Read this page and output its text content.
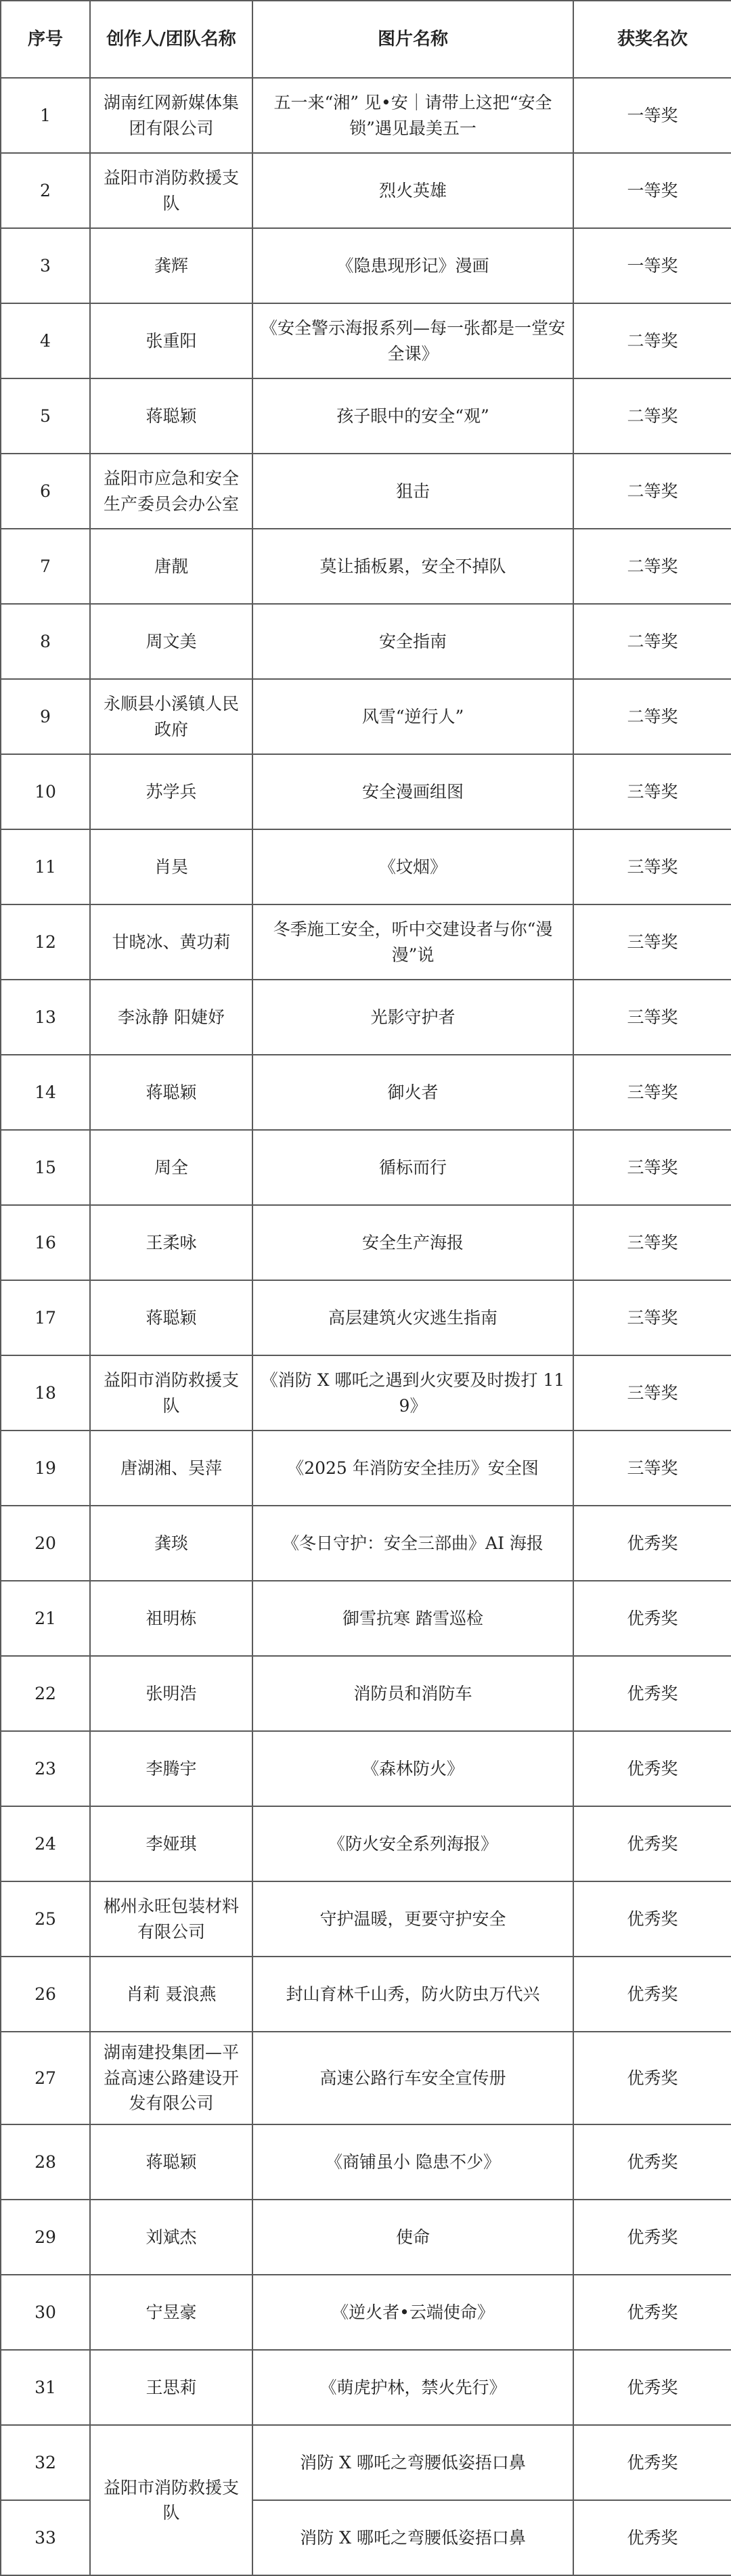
序号	创作人/团队名称	图片名称	获奖名次
1	湖南红网新媒体集团有限公司	五一来“湘” 见•安｜请带上这把“安全锁”遇见最美五一	一等奖
2	益阳市消防救援支队	烈火英雄	一等奖
3	龚辉	《隐患现形记》漫画	一等奖
4	张重阳	《安全警示海报系列—每一张都是一堂安全课》	二等奖
5	蒋聪颖	孩子眼中的安全“观”	二等奖
6	益阳市应急和安全生产委员会办公室	狙击	二等奖
7	唐靓	莫让插板累，安全不掉队	二等奖
8	周文美	安全指南	二等奖
9	永顺县小溪镇人民政府	风雪“逆行人”	二等奖
10	苏学兵	安全漫画组图	三等奖
11	肖昊	《坟烟》	三等奖
12	甘晓冰、黄功莉	冬季施工安全，听中交建设者与你“漫漫”说	三等奖
13	李泳静 阳婕妤	光影守护者	三等奖
14	蒋聪颖	御火者	三等奖
15	周全	循标而行	三等奖
16	王柔咏	安全生产海报	三等奖
17	蒋聪颖	高层建筑火灾逃生指南	三等奖
18	益阳市消防救援支队	《消防 X 哪吒之遇到火灾要及时拨打 119》	三等奖
19	唐湖湘、吴萍	《2025 年消防安全挂历》安全图	三等奖
20	龚琰	《冬日守护：安全三部曲》AI 海报	优秀奖
21	祖明栋	御雪抗寒 踏雪巡检	优秀奖
22	张明浩	消防员和消防车	优秀奖
23	李腾宇	《森林防火》	优秀奖
24	李娅琪	《防火安全系列海报》	优秀奖
25	郴州永旺包装材料有限公司	守护温暖，更要守护安全	优秀奖
26	肖莉 聂浪燕	封山育林千山秀，防火防虫万代兴	优秀奖
27	湖南建投集团—平益高速公路建设开发有限公司	高速公路行车安全宣传册	优秀奖
28	蒋聪颖	《商铺虽小 隐患不少》	优秀奖
29	刘斌杰	使命	优秀奖
30	宁昱豪	《逆火者•云端使命》	优秀奖
31	王思莉	《萌虎护林，禁火先行》	优秀奖
32	益阳市消防救援支队	消防 X 哪吒之弯腰低姿捂口鼻	优秀奖
33		消防 X 哪吒之弯腰低姿捂口鼻	优秀奖
